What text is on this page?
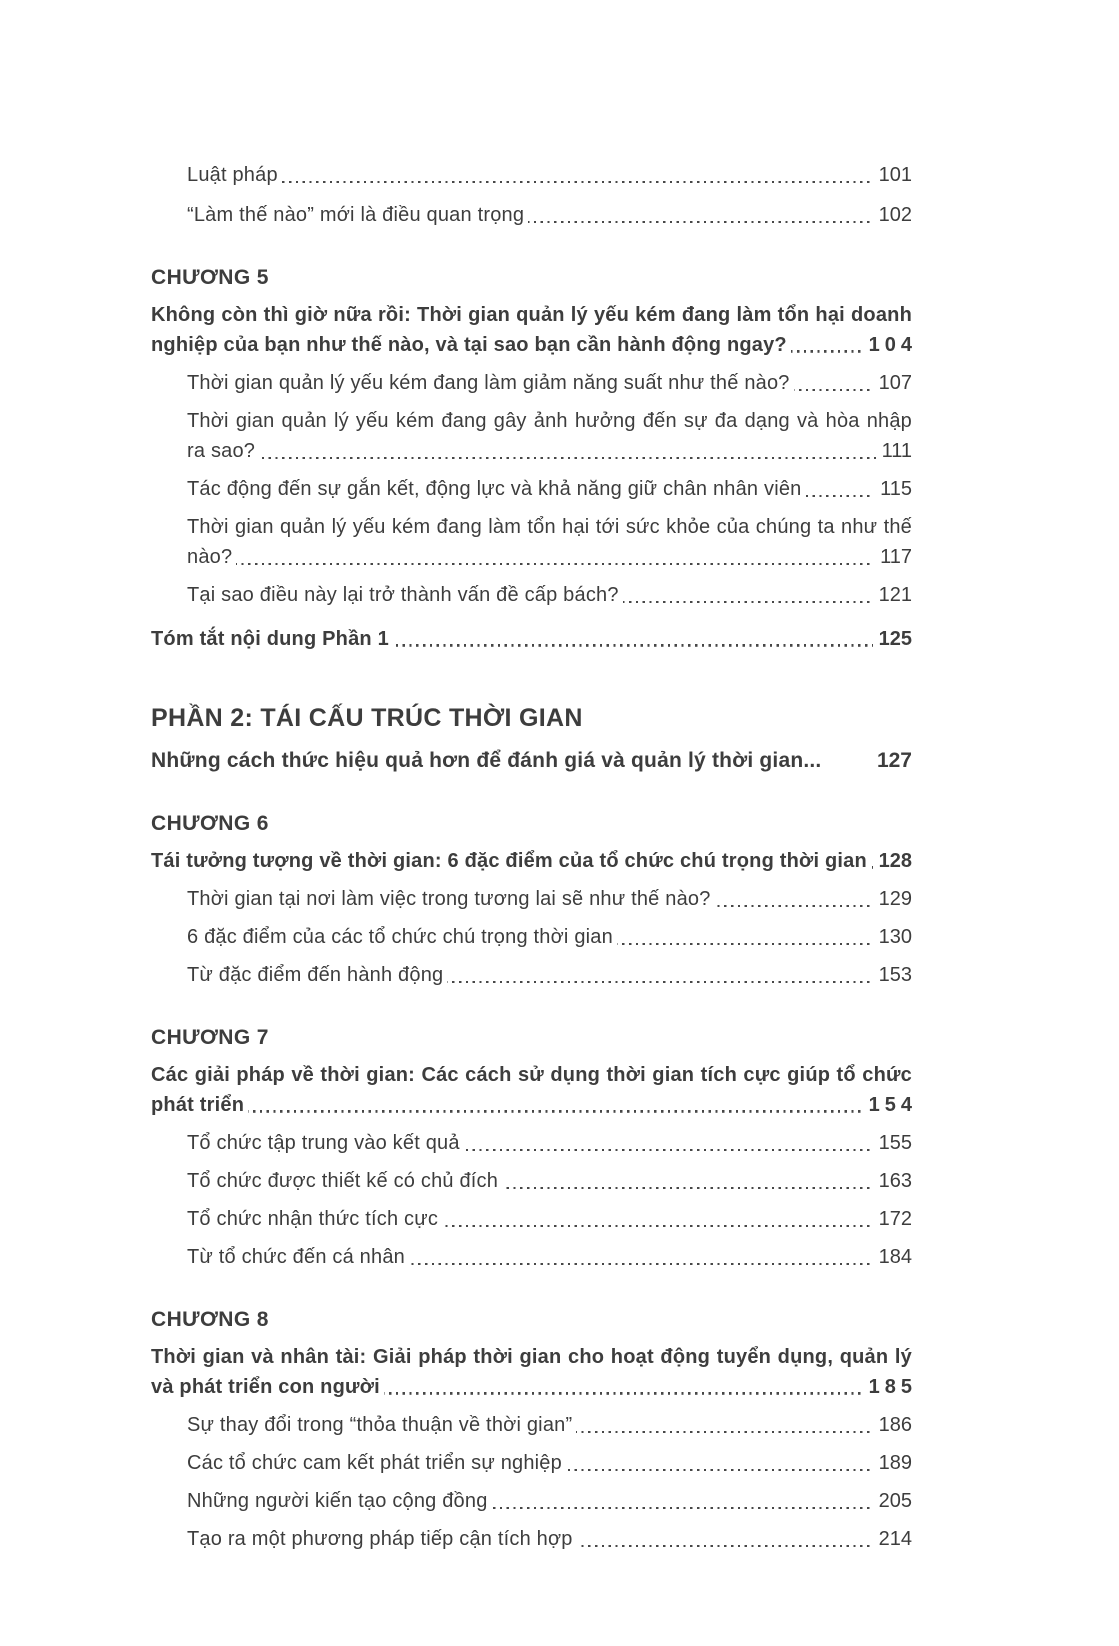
Luật pháp	101
“Làm thế nào” mới là điều quan trọng	102
CHƯƠNG 5
Không còn thì giờ nữa rồi: Thời gian quản lý yếu kém đang làm tổn hại doanh nghiệp của bạn như thế nào, và tại sao bạn cần hành động ngay?	104
Thời gian quản lý yếu kém đang làm giảm năng suất như thế nào?	107
Thời gian quản lý yếu kém đang gây ảnh hưởng đến sự đa dạng và hòa nhập ra sao?	111
Tác động đến sự gắn kết, động lực và khả năng giữ chân nhân viên	115
Thời gian quản lý yếu kém đang làm tổn hại tới sức khỏe của chúng ta như thế nào?	117
Tại sao điều này lại trở thành vấn đề cấp bách?	121
Tóm tắt nội dung Phần 1	125
PHẦN 2: TÁI CẤU TRÚC THỜI GIAN
Những cách thức hiệu quả hơn để đánh giá và quản lý thời gian...	127
CHƯƠNG 6
Tái tưởng tượng về thời gian: 6 đặc điểm của tổ chức chú trọng thời gian 128
Thời gian tại nơi làm việc trong tương lai sẽ như thế nào?	129
6 đặc điểm của các tổ chức chú trọng thời gian	130
Từ đặc điểm đến hành động	153
CHƯƠNG 7
Các giải pháp về thời gian: Các cách sử dụng thời gian tích cực giúp tổ chức phát triển	154
Tổ chức tập trung vào kết quả	155
Tổ chức được thiết kế có chủ đích	163
Tổ chức nhận thức tích cực	172
Từ tổ chức đến cá nhân	184
CHƯƠNG 8
Thời gian và nhân tài: Giải pháp thời gian cho hoạt động tuyển dụng, quản lý và phát triển con người	185
Sự thay đổi trong “thỏa thuận về thời gian”	186
Các tổ chức cam kết phát triển sự nghiệp	189
Những người kiến tạo cộng đồng	205
Tạo ra một phương pháp tiếp cận tích hợp	214
